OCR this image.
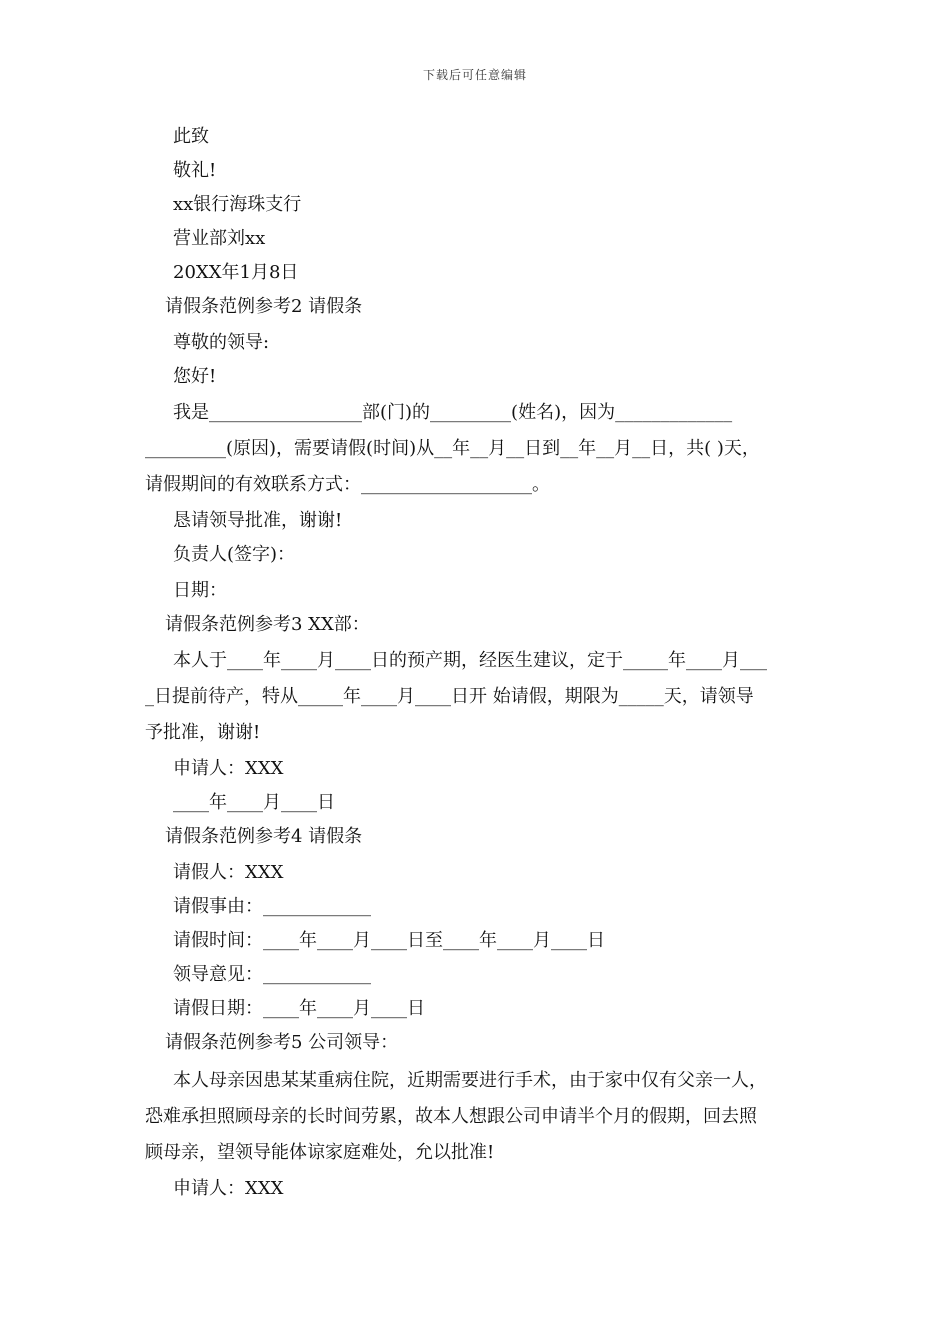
下载后可任意编辑
此致
敬礼!
xx银行海珠支行
营业部刘xx
20XX年1月8日
请假条范例参考2 请假条
尊敬的领导:
您好!
我是_________________部(门)的_________(姓名)，因为_____________
_________(原因)，需要请假(时间)从__年__月__日到__年__月__日，共( )天，
请假期间的有效联系方式：___________________。
恳请领导批准，谢谢!
负责人(签字)：
日期：
请假条范例参考3 XX部：
本人于____年____月____日的预产期，经医生建议，定于_____年____月___
_日提前待产，特从_____年____月____日开 始请假，期限为_____天，请领导
予批准，谢谢!
申请人：XXX
____年____月____日
请假条范例参考4 请假条
请假人：XXX
请假事由：____________
请假时间：____年____月____日至____年____月____日
领导意见：____________
请假日期：____年____月____日
请假条范例参考5 公司领导：
本人母亲因患某某重病住院，近期需要进行手术，由于家中仅有父亲一人，
恐难承担照顾母亲的长时间劳累，故本人想跟公司申请半个月的假期，回去照
顾母亲，望领导能体谅家庭难处，允以批准!
申请人：XXX
